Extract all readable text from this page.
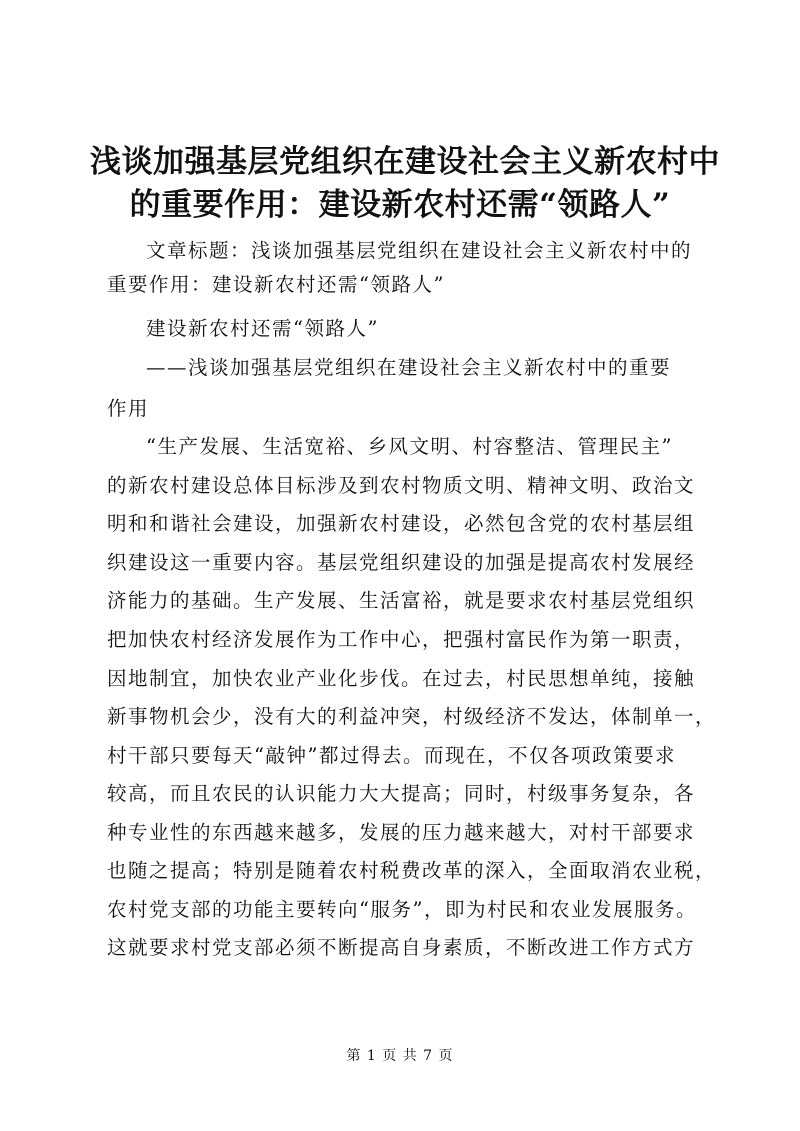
浅谈加强基层党组织在建设社会主义新农村中
的重要作用：建设新农村还需“领路人”
文章标题：浅谈加强基层党组织在建设社会主义新农村中的
重要作用：建设新农村还需“领路人”
建设新农村还需“领路人”
——浅谈加强基层党组织在建设社会主义新农村中的重要
作用
“生产发展、生活宽裕、乡风文明、村容整洁、管理民主”
的新农村建设总体目标涉及到农村物质文明、精神文明、政治文
明和和谐社会建设，加强新农村建设，必然包含党的农村基层组
织建设这一重要内容。基层党组织建设的加强是提高农村发展经
济能力的基础。生产发展、生活富裕，就是要求农村基层党组织
把加快农村经济发展作为工作中心，把强村富民作为第一职责，
因地制宜，加快农业产业化步伐。在过去，村民思想单纯，接触
新事物机会少，没有大的利益冲突，村级经济不发达，体制单一，
村干部只要每天“敲钟”都过得去。而现在，不仅各项政策要求
较高，而且农民的认识能力大大提高；同时，村级事务复杂，各
种专业性的东西越来越多，发展的压力越来越大，对村干部要求
也随之提高；特别是随着农村税费改革的深入，全面取消农业税，
农村党支部的功能主要转向“服务”，即为村民和农业发展服务。
这就要求村党支部必须不断提高自身素质，不断改进工作方式方
第 1 页 共 7 页
